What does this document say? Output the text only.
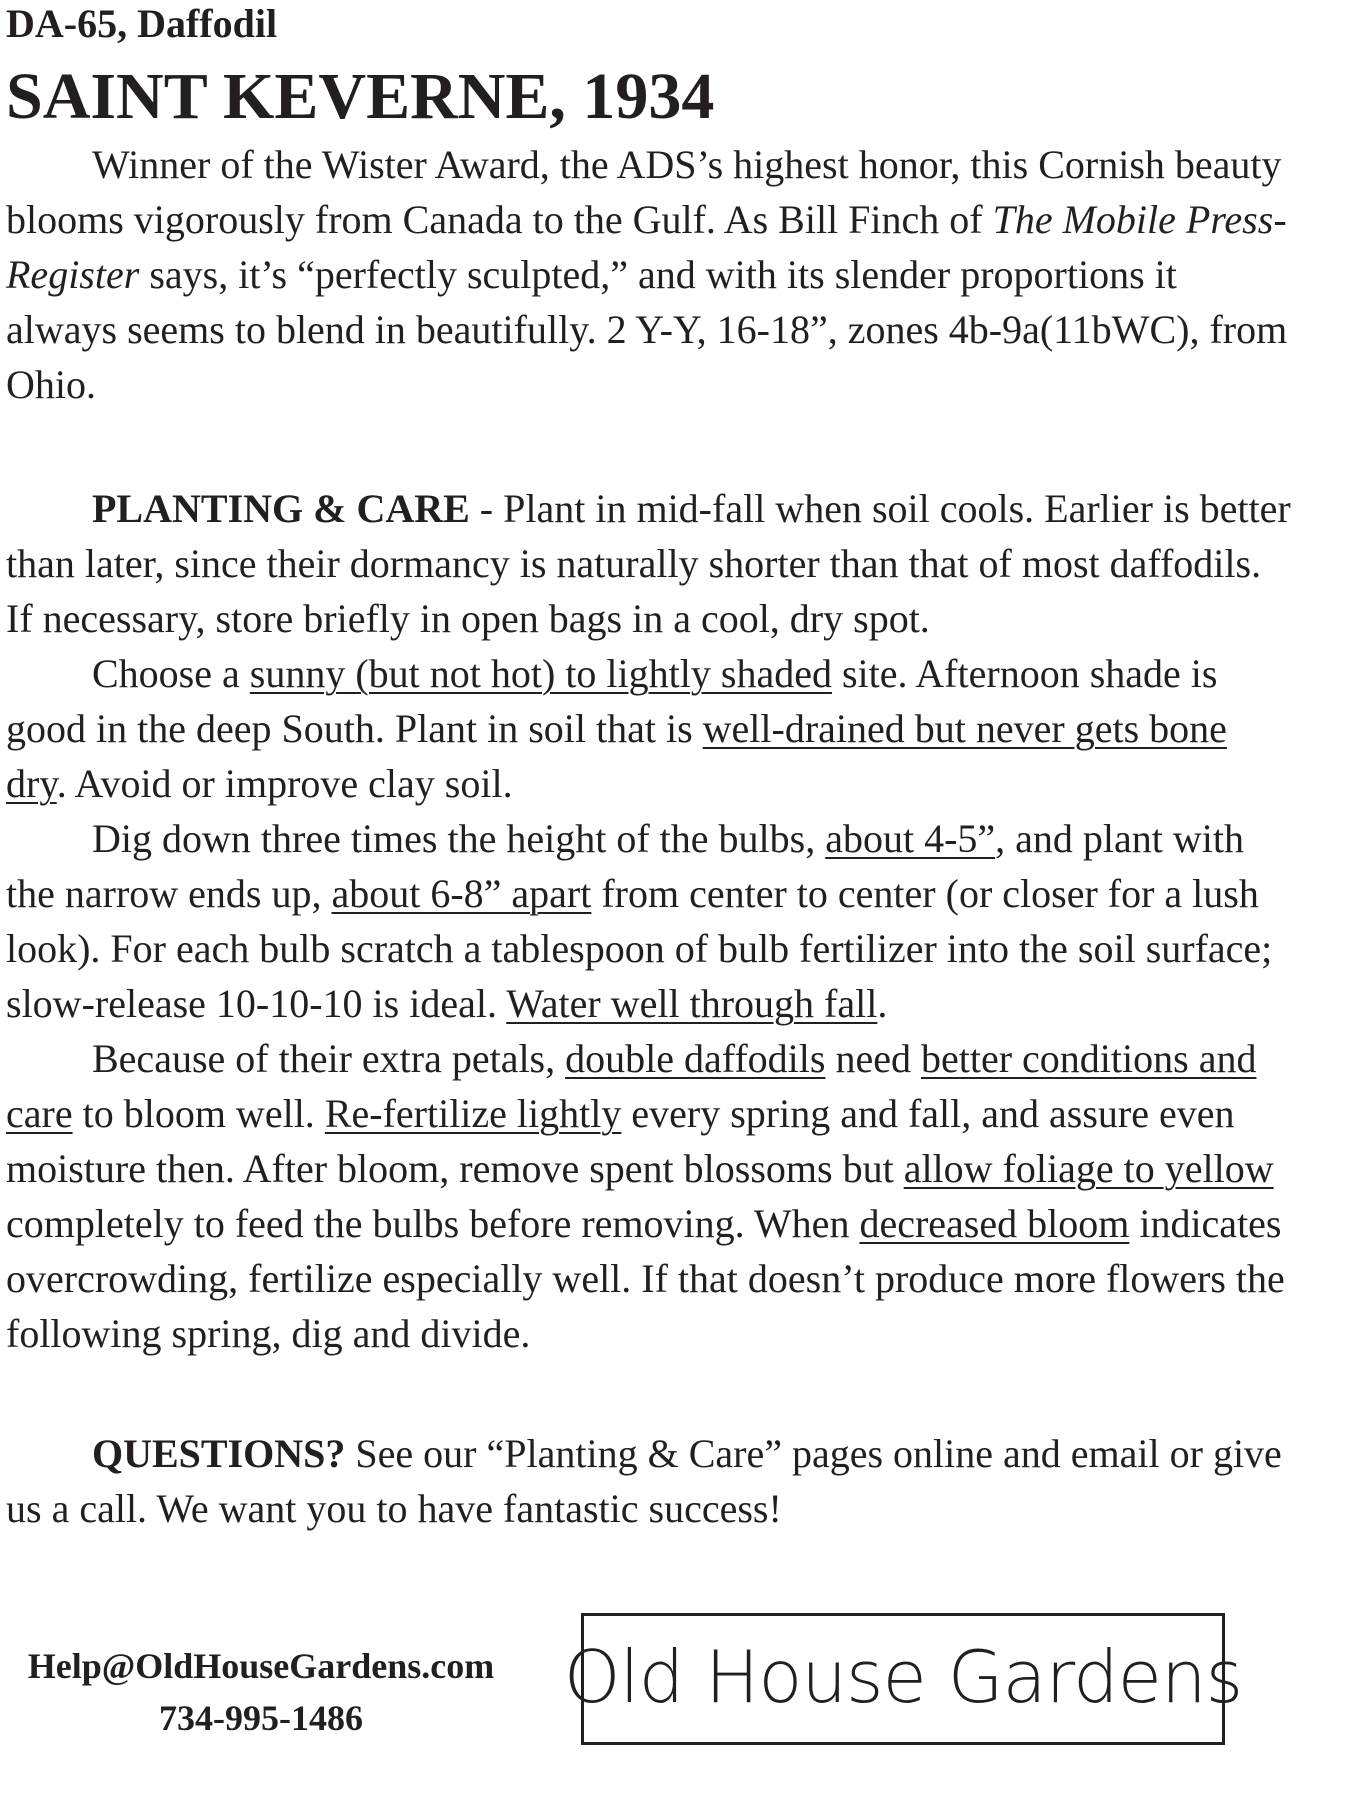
DA-65, Daffodil
SAINT KEVERNE, 1934

Winner of the Wister Award, the ADS’s highest honor, this Cornish beauty blooms vigorously from Canada to the Gulf. As Bill Finch of The Mobile Press-Register says, it’s “perfectly sculpted,” and with its slender proportions it always seems to blend in beautifully. 2 Y-Y, 16-18”, zones 4b-9a(11bWC), from Ohio.

PLANTING & CARE - Plant in mid-fall when soil cools. Earlier is better than later, since their dormancy is naturally shorter than that of most daffodils. If necessary, store briefly in open bags in a cool, dry spot.

Choose a sunny (but not hot) to lightly shaded site. Afternoon shade is good in the deep South. Plant in soil that is well-drained but never gets bone dry. Avoid or improve clay soil.

Dig down three times the height of the bulbs, about 4-5”, and plant with the narrow ends up, about 6-8” apart from center to center (or closer for a lush look). For each bulb scratch a tablespoon of bulb fertilizer into the soil surface; slow-release 10-10-10 is ideal. Water well through fall.

Because of their extra petals, double daffodils need better conditions and care to bloom well. Re-fertilize lightly every spring and fall, and assure even moisture then. After bloom, remove spent blossoms but allow foliage to yellow completely to feed the bulbs before removing. When decreased bloom indicates overcrowding, fertilize especially well. If that doesn’t produce more flowers the following spring, dig and divide.

QUESTIONS? See our “Planting & Care” pages online and email or give us a call. We want you to have fantastic success!

Help@OldHouseGardens.com
734-995-1486	Old House Gardens
